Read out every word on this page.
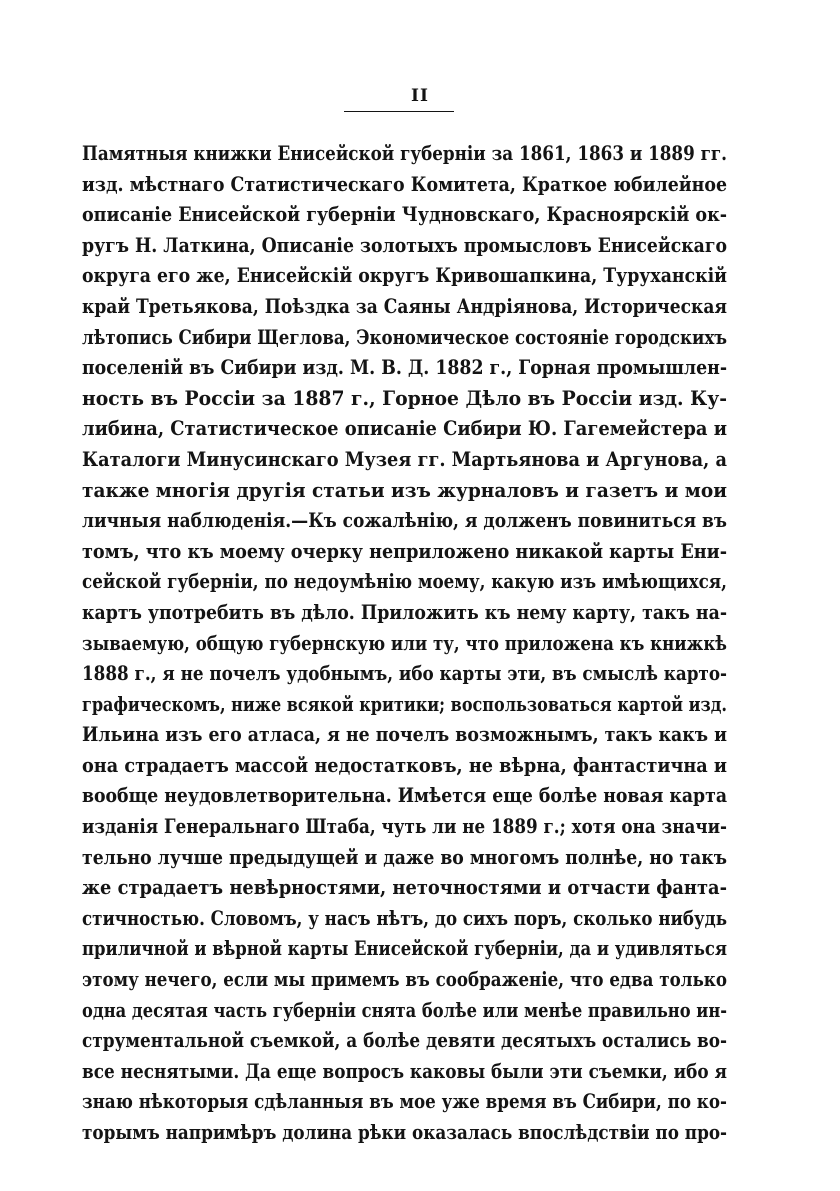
II
Памятныя книжки Енисейской губерніи за 1861, 1863 и 1889 гг.
изд. мѣстнаго Статистическаго Комитета, Краткое юбилейное
описаніе Енисейской губерніи Чудновскаго, Красноярскій ок-
ругъ Н. Латкина, Описаніе золотыхъ промысловъ Енисейскаго
округа его же, Енисейскій округъ Кривошапкина, Туруханскій
край Третьякова, Поѣздка за Саяны Андріянова, Историческая
лѣтопись Сибири Щеглова, Экономическое состояніе городскихъ
поселеній въ Сибири изд. М. В. Д. 1882 г., Горная промышлен-
ность въ Россіи за 1887 г., Горное Дѣло въ Россіи изд. Ку-
либина, Статистическое описаніе Сибири Ю. Гагемейстера и
Каталоги Минусинскаго Музея гг. Мартьянова и Аргунова, а
также многія другія статьи изъ журналовъ и газетъ и мои
личныя наблюденія.—Къ сожалѣнію, я долженъ повиниться въ
томъ, что къ моему очерку неприложено никакой карты Ени-
сейской губерніи, по недоумѣнію моему, какую изъ имѣющихся,
картъ употребить въ дѣло. Приложить къ нему карту, такъ на-
зываемую, общую губернскую или ту, что приложена къ книжкѣ
1888 г., я не почелъ удобнымъ, ибо карты эти, въ смыслѣ карто-
графическомъ, ниже всякой критики; воспользоваться картой изд.
Ильина изъ его атласа, я не почелъ возможнымъ, такъ какъ и
она страдаетъ массой недостатковъ, не вѣрна, фантастична и
вообще неудовлетворительна. Имѣется еще болѣе новая карта
изданія Генеральнаго Штаба, чуть ли не 1889 г.; хотя она значи-
тельно лучше предыдущей и даже во многомъ полнѣе, но такъ
же страдаетъ невѣрностями, неточностями и отчасти фанта-
стичностью. Словомъ, у насъ нѣтъ, до сихъ поръ, сколько нибудь
приличной и вѣрной карты Енисейской губерніи, да и удивляться
этому нечего, если мы примемъ въ соображеніе, что едва только
одна десятая часть губерніи снята болѣе или менѣе правильно ин-
струментальной съемкой, а болѣе девяти десятыхъ остались во-
все неснятыми. Да еще вопросъ каковы были эти съемки, ибо я
знаю нѣкоторыя сдѣланныя въ мое уже время въ Сибири, по ко-
торымъ напримѣръ долина рѣки оказалась впослѣдствіи по про-
